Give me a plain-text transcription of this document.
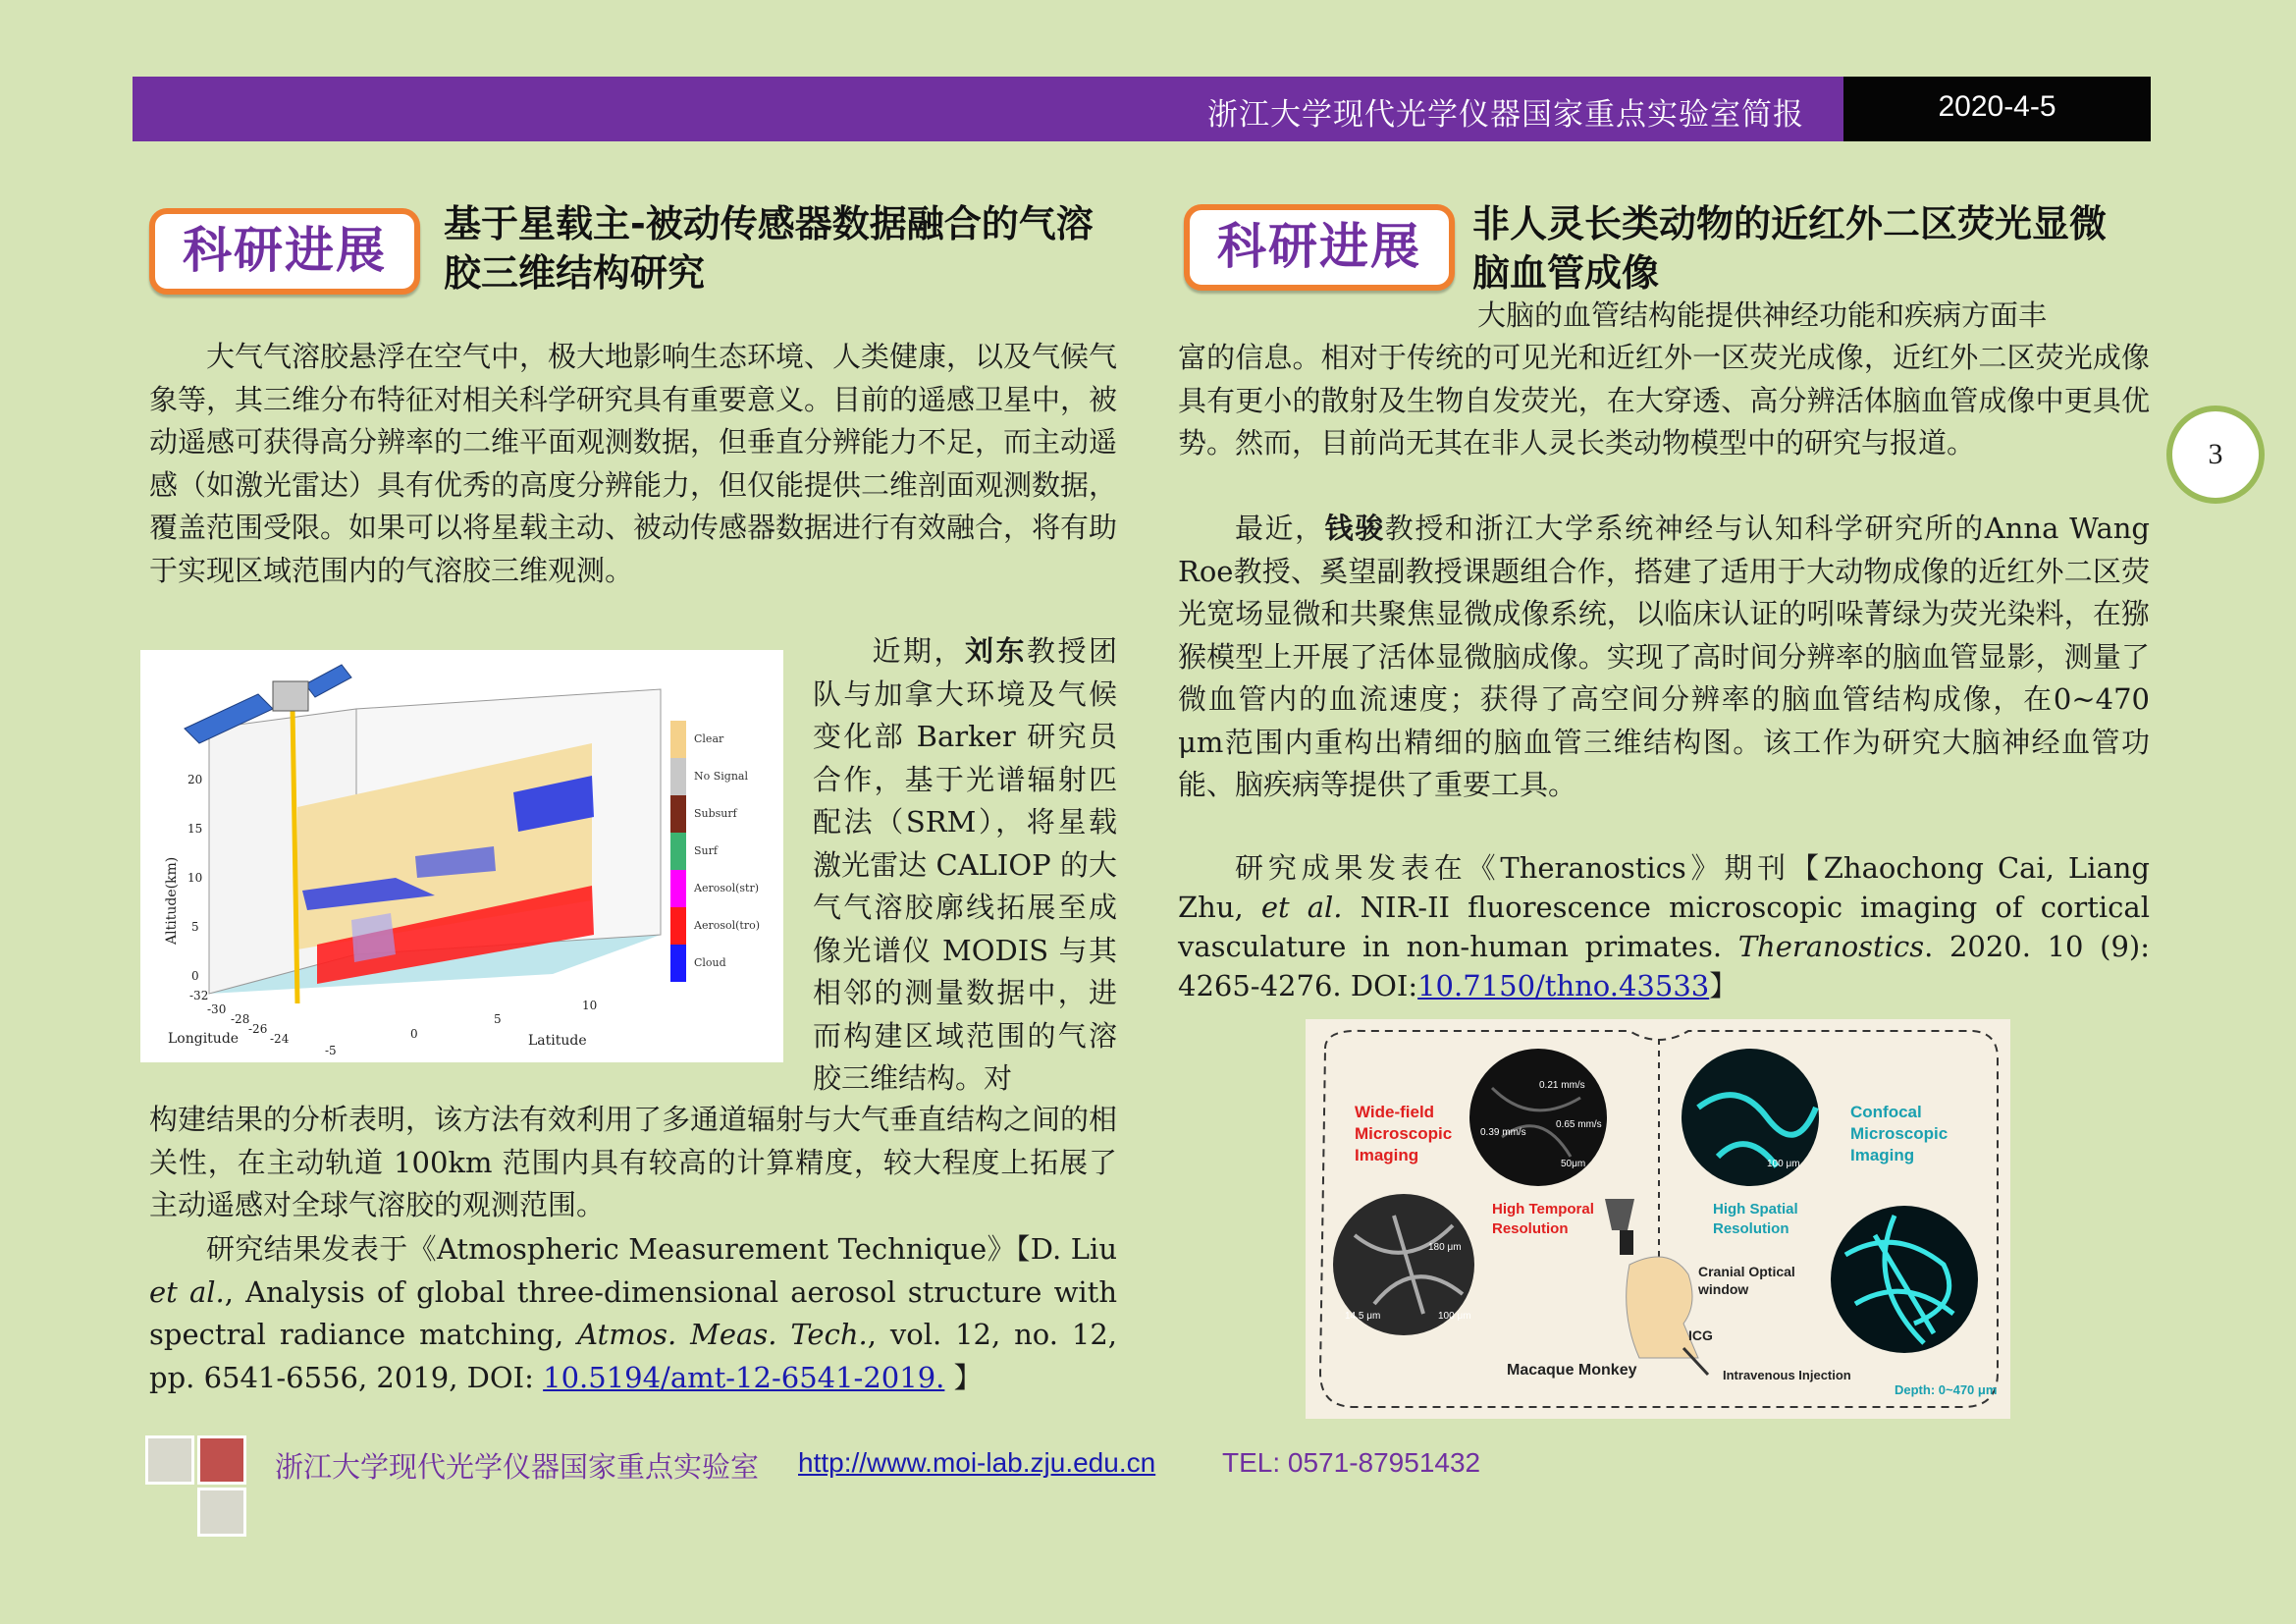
浙江大学现代光学仪器国家重点实验室简报	2020-4-5
3
科研进展	基于星载主-被动传感器数据融合的气溶
胶三维结构研究

大气气溶胶悬浮在空气中，极大地影响生态环境、人类健康，以及气候气象等，其三维分布特征对相关科学研究具有重要意义。目前的遥感卫星中，被动遥感可获得高分辨率的二维平面观测数据，但垂直分辨能力不足，而主动遥感（如激光雷达）具有优秀的高度分辨能力，但仅能提供二维剖面观测数据，覆盖范围受限。如果可以将星载主动、被动传感器数据进行有效融合，将有助于实现区域范围内的气溶胶三维观测。

20
15
10
5
0
-32
-30
-28
-26
-24
-5
0
5
10
Altitude(km)
Longitude	Latitude
Clear
No Signal
Subsurf
Surf
Aerosol(str)
Aerosol(tro)
Cloud
近期，刘东教授团队与加拿大环境及气候变化部 Barker 研究员合作，基于光谱辐射匹配法（SRM），将星载激光雷达 CALIOP 的大气气溶胶廓线拓展至成像光谱仪 MODIS 与其相邻的测量数据中，进而构建区域范围的气溶胶三维结构。对

构建结果的分析表明，该方法有效利用了多通道辐射与大气垂直结构之间的相关性，在主动轨道 100km 范围内具有较高的计算精度，较大程度上拓展了主动遥感对全球气溶胶的观测范围。

研究结果发表于《Atmospheric Measurement Technique》【D. Liu et al., Analysis of global three-dimensional aerosol structure with spectral radiance matching, Atmos. Meas. Tech., vol. 12, no. 12, pp. 6541-6556, 2019, DOI: 10.5194/amt-12-6541-2019. 】

科研进展	非人灵长类动物的近红外二区荧光显微
脑血管成像
大脑的血管结构能提供神经功能和疾病方面丰

富的信息。相对于传统的可见光和近红外一区荧光成像，近红外二区荧光成像具有更小的散射及生物自发荧光，在大穿透、高分辨活体脑血管成像中更具优势。然而，目前尚无其在非人灵长类动物模型中的研究与报道。

最近，钱骏教授和浙江大学系统神经与认知科学研究所的Anna Wang Roe教授、奚望副教授课题组合作，搭建了适用于大动物成像的近红外二区荧光宽场显微和共聚焦显微成像系统，以临床认证的吲哚菁绿为荧光染料，在猕猴模型上开展了活体显微脑成像。实现了高时间分辨率的脑血管显影，测量了微血管内的血流速度；获得了高空间分辨率的脑血管结构成像，在0~470 μm范围内重构出精细的脑血管三维结构图。该工作为研究大脑神经血管功能、脑疾病等提供了重要工具。

研究成果发表在《Theranostics》期刊【Zhaochong Cai, Liang Zhu, et al. NIR-II fluorescence microscopic imaging of cortical vasculature in non-human primates. Theranostics. 2020. 10 (9): 4265-4276. DOI:10.7150/thno.43533】

Wide-field
Microscopic
Imaging
High Temporal
Resolution
Confocal
Microscopic
Imaging
High Spatial
Resolution
Depth: 0~470 μm
Cranial Optical
window
ICG
Macaque Monkey	Intravenous Injection
0.21 mm/s
0.39 mm/s
0.65 mm/s
50μm	100 μm
180 μm
14.5 μm	100 μm
浙江大学现代光学仪器国家重点实验室 http://www.moi-lab.zju.edu.cn TEL: 0571-87951432
